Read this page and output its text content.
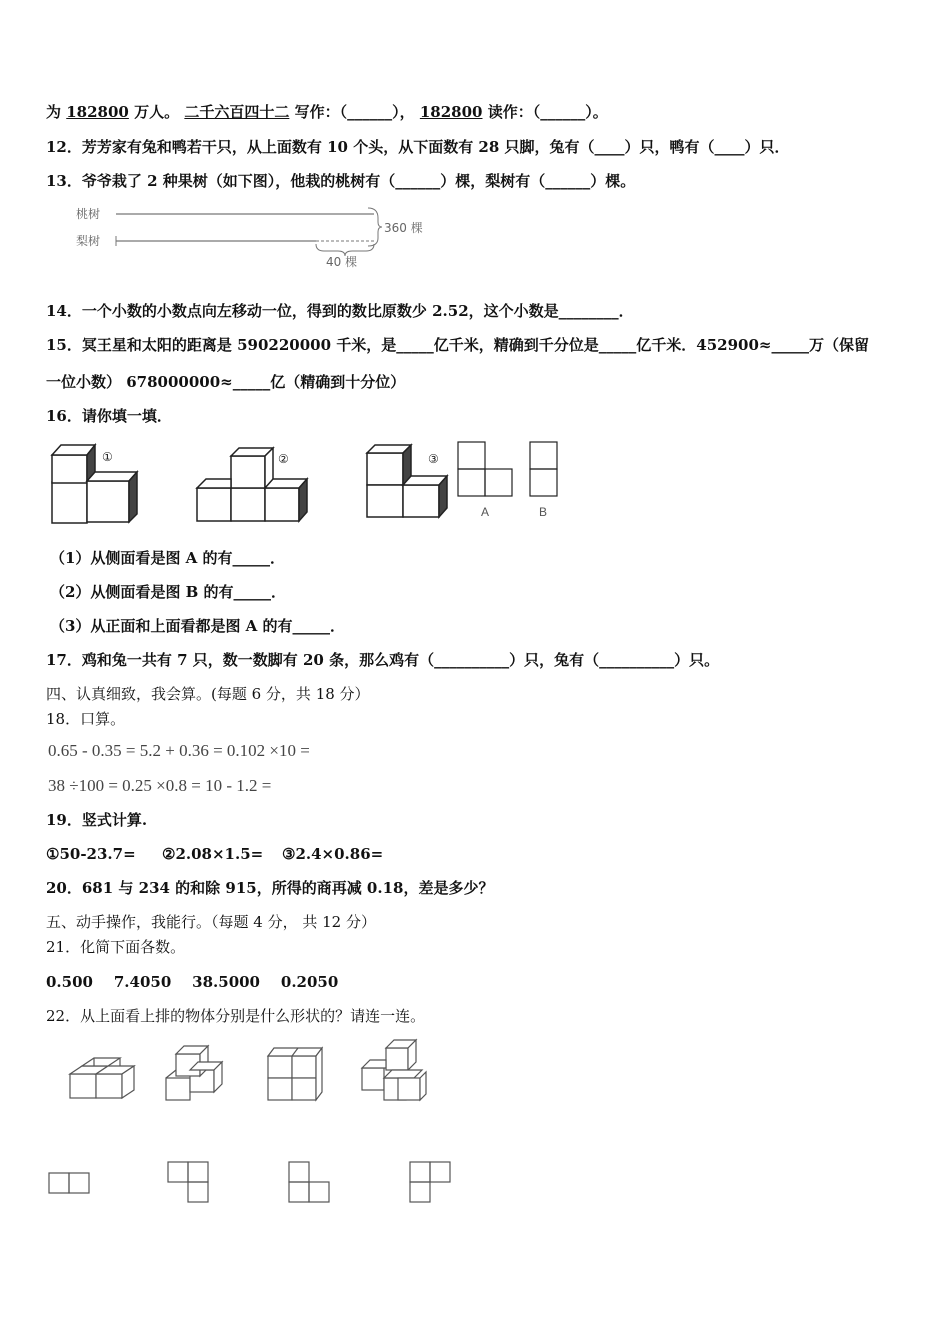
为 182800 万人。 二千六百四十二 写作：（______）， 182800 读作：（______）。
12．芳芳家有兔和鸭若干只，从上面数有 10 个头，从下面数有 28 只脚，兔有（____）只，鸭有（____）只．
13．爷爷栽了 2 种果树（如下图），他栽的桃树有（______）棵，梨树有（______）棵。
桃树
梨树
360 棵
40 棵
14．一个小数的小数点向左移动一位，得到的数比原数少 2.52，这个小数是________．
15．冥王星和太阳的距离是 590220000 千米，是_____亿千米，精确到千分位是_____亿千米．452900≈_____万（保留
一位小数） 678000000≈_____亿（精确到十分位）
16．请你填一填．
①	②	③
A	B
（1）从侧面看是图 A 的有_____．
（2）从侧面看是图 B 的有_____．
（3）从正面和上面看都是图 A 的有_____．
17．鸡和兔一共有 7 只，数一数脚有 20 条，那么鸡有（__________）只，兔有（__________）只。
四、认真细致，我会算。(每题 6 分，共 18 分）
18．口算。
0.65 - 0.35 = 5.2 + 0.36 = 0.102 ×10 =
38 ÷100 = 0.25 ×0.8 = 10 - 1.2 =
19．竖式计算.
①50-23.7= ②2.08×1.5= ③2.4×0.86=
20．681 与 234 的和除 915，所得的商再减 0.18，差是多少？
五、动手操作，我能行。（每题 4 分， 共 12 分）
21．化简下面各数。
0.500    7.4050    38.5000    0.2050
22．从上面看上排的物体分别是什么形状的？请连一连。
